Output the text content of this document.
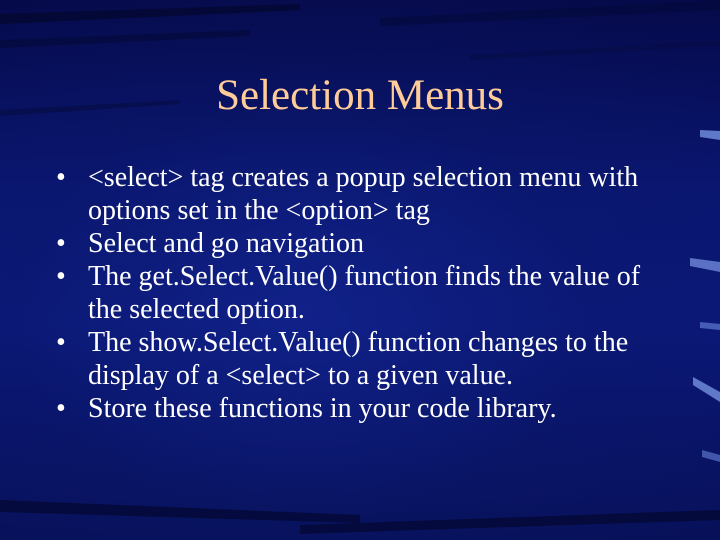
Selection Menus
• <select> tag creates a popup selection menu with options set in the <option> tag
• Select and go navigation
• The get.Select.Value() function finds the value of the selected option.
• The show.Select.Value() function changes to the display of a <select> to a given value.
• Store these functions in your code library.
